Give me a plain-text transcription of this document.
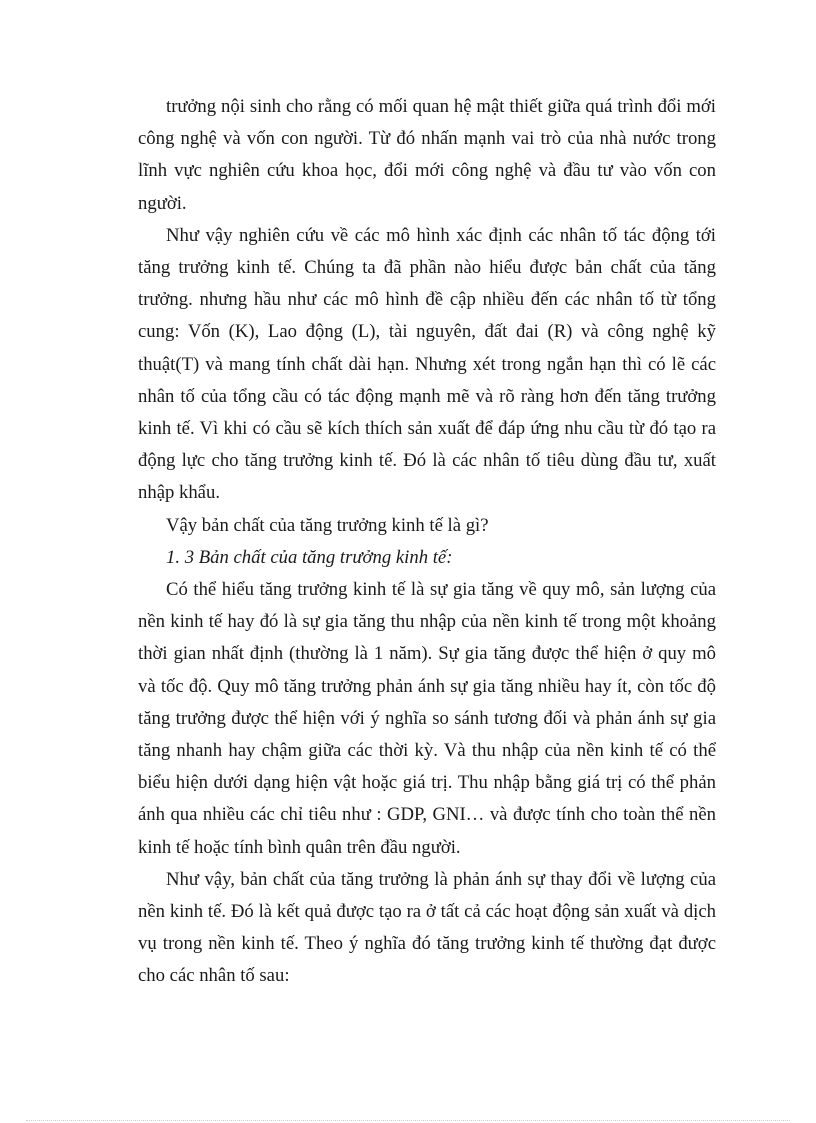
trưởng nội sinh cho rằng có mối quan hệ mật thiết giữa quá trình đổi mới công nghệ và vốn con người. Từ đó nhấn mạnh vai trò của nhà nước trong lĩnh vực nghiên cứu khoa học, đổi mới công nghệ và đầu tư vào vốn con người.

Như vậy nghiên cứu về các mô hình xác định các nhân tố tác động tới tăng trưởng kinh tế. Chúng ta đã phần nào hiểu được bản chất của tăng trưởng. nhưng hầu như các mô hình đề cập nhiều đến các nhân tố từ tổng cung: Vốn (K), Lao động (L), tài nguyên, đất đai (R) và công nghệ kỹ thuật(T) và mang tính chất dài hạn. Nhưng xét trong ngắn hạn thì có lẽ các nhân tố của tổng cầu có tác động mạnh mẽ và rõ ràng hơn đến tăng trưởng kinh tế. Vì khi có cầu sẽ kích thích sản xuất để đáp ứng nhu cầu từ đó tạo ra động lực cho tăng trưởng kinh tế. Đó là các nhân tố tiêu dùng đầu tư, xuất nhập khẩu.

Vậy bản chất của tăng trưởng kinh tế là gì?

1. 3 Bản chất của tăng trưởng kinh tế:

Có thể hiểu tăng trưởng kinh tế là sự gia tăng về quy mô, sản lượng của nền kinh tế hay đó là sự gia tăng thu nhập của nền kinh tế trong một khoảng thời gian nhất định (thường là 1 năm). Sự gia tăng được thể hiện ở quy mô và tốc độ. Quy mô tăng trưởng phản ánh sự gia tăng nhiều hay ít, còn tốc độ tăng trưởng được thể hiện với ý nghĩa so sánh tương đối và phản ánh sự gia tăng nhanh hay chậm giữa các thời kỳ. Và thu nhập của nền kinh tế có thể biểu hiện dưới dạng hiện vật hoặc giá trị. Thu nhập bằng giá trị có thể phản ánh qua nhiều các chỉ tiêu như : GDP, GNI… và được tính cho toàn thể nền kinh tế hoặc tính bình quân trên đầu người.

Như vậy, bản chất của tăng trưởng là phản ánh sự thay đổi về lượng của nền kinh tế. Đó là kết quả được tạo ra ở tất cả các hoạt động sản xuất và dịch vụ trong nền kinh tế. Theo ý nghĩa đó tăng trưởng kinh tế thường đạt được cho các nhân tố sau:
